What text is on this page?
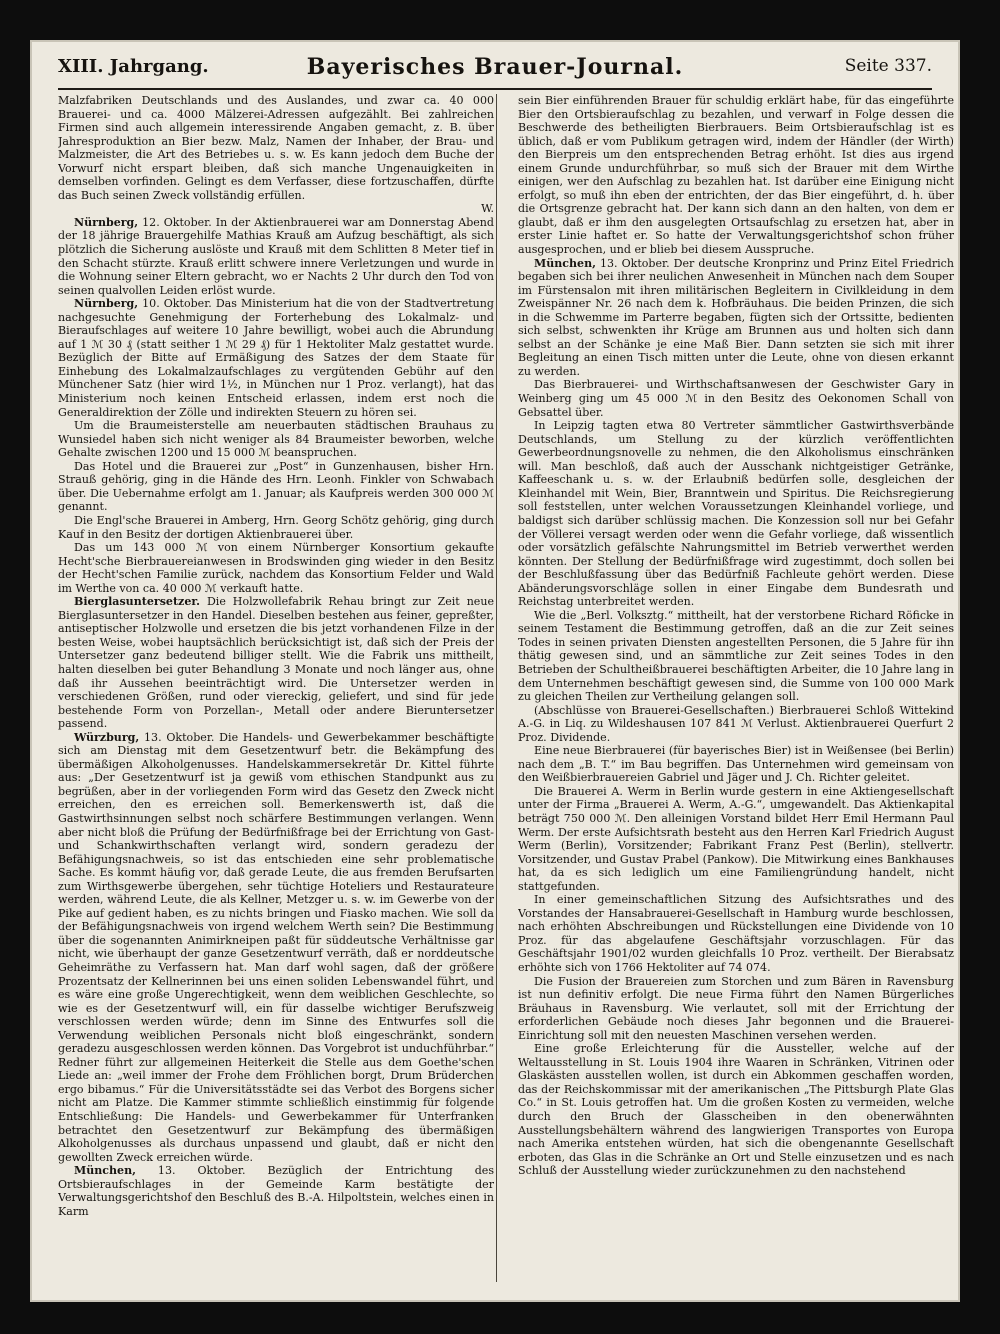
XIII. Jahrgang.	Bayerisches Brauer-Journal.	Seite 337.

Malzfabriken Deutschlands und des Auslandes, und zwar ca. 40 000 Brauerei- und ca. 4000 Mälzerei-Adressen aufgezählt. Bei zahlreichen Firmen sind auch allgemein interessirende Angaben gemacht, z. B. über Jahresproduktion an Bier bezw. Malz, Namen der Inhaber, der Brau- und Malzmeister, die Art des Betriebes u. s. w. Es kann jedoch dem Buche der Vorwurf nicht erspart bleiben, daß sich manche Ungenauigkeiten in demselben vorfinden. Gelingt es dem Verfasser, diese fortzuschaffen, dürfte das Buch seinen Zweck vollständig erfüllen.

W.

Nürnberg, 12. Oktober. In der Aktienbrauerei war am Donnerstag Abend der 18 jährige Brauergehilfe Mathias Krauß am Aufzug beschäftigt, als sich plötzlich die Sicherung auslöste und Krauß mit dem Schlitten 8 Meter tief in den Schacht stürzte. Krauß erlitt schwere innere Verletzungen und wurde in die Wohnung seiner Eltern gebracht, wo er Nachts 2 Uhr durch den Tod von seinen qualvollen Leiden erlöst wurde.

Nürnberg, 10. Oktober. Das Ministerium hat die von der Stadtvertretung nachgesuchte Genehmigung der Forterhebung des Lokalmalz- und Bieraufschlages auf weitere 10 Jahre bewilligt, wobei auch die Abrundung auf 1 ℳ 30 ₰ (statt seither 1 ℳ 29 ₰) für 1 Hektoliter Malz gestattet wurde. Bezüglich der Bitte auf Ermäßigung des Satzes der dem Staate für Einhebung des Lokalmalzaufschlages zu vergütenden Gebühr auf den Münchener Satz (hier wird 1½, in München nur 1 Proz. verlangt), hat das Ministerium noch keinen Entscheid erlassen, indem erst noch die Generaldirektion der Zölle und indirekten Steuern zu hören sei.

Um die Braumeisterstelle am neuerbauten städtischen Brauhaus zu Wunsiedel haben sich nicht weniger als 84 Braumeister beworben, welche Gehalte zwischen 1200 und 15 000 ℳ beanspruchen.

Das Hotel und die Brauerei zur „Post“ in Gunzenhausen, bisher Hrn. Strauß gehörig, ging in die Hände des Hrn. Leonh. Finkler von Schwabach über. Die Uebernahme erfolgt am 1. Januar; als Kaufpreis werden 300 000 ℳ genannt.

Die Engl'sche Brauerei in Amberg, Hrn. Georg Schötz gehörig, ging durch Kauf in den Besitz der dortigen Aktienbrauerei über.

Das um 143 000 ℳ von einem Nürnberger Konsortium gekaufte Hecht'sche Bierbrauereianwesen in Brodswinden ging wieder in den Besitz der Hecht'schen Familie zurück, nachdem das Konsortium Felder und Wald im Werthe von ca. 40 000 ℳ verkauft hatte.

Bierglasuntersetzer. Die Holzwollefabrik Rehau bringt zur Zeit neue Bierglasuntersetzer in den Handel. Dieselben bestehen aus feiner, gepreßter, antiseptischer Holzwolle und ersetzen die bis jetzt vorhandenen Filze in der besten Weise, wobei hauptsächlich berücksichtigt ist, daß sich der Preis der Untersetzer ganz bedeutend billiger stellt. Wie die Fabrik uns mittheilt, halten dieselben bei guter Behandlung 3 Monate und noch länger aus, ohne daß ihr Aussehen beeinträchtigt wird. Die Untersetzer werden in verschiedenen Größen, rund oder viereckig, geliefert, und sind für jede bestehende Form von Porzellan-, Metall oder andere Bieruntersetzer passend.

Würzburg, 13. Oktober. Die Handels- und Gewerbekammer beschäftigte sich am Dienstag mit dem Gesetzentwurf betr. die Bekämpfung des übermäßigen Alkoholgenusses. Handelskammersekretär Dr. Kittel führte aus: „Der Gesetzentwurf ist ja gewiß vom ethischen Standpunkt aus zu begrüßen, aber in der vorliegenden Form wird das Gesetz den Zweck nicht erreichen, den es erreichen soll. Bemerkenswerth ist, daß die Gastwirthsinnungen selbst noch schärfere Bestimmungen verlangen. Wenn aber nicht bloß die Prüfung der Bedürfnißfrage bei der Errichtung von Gast- und Schankwirthschaften verlangt wird, sondern geradezu der Befähigungsnachweis, so ist das entschieden eine sehr problematische Sache. Es kommt häufig vor, daß gerade Leute, die aus fremden Berufsarten zum Wirthsgewerbe übergehen, sehr tüchtige Hoteliers und Restaurateure werden, während Leute, die als Kellner, Metzger u. s. w. im Gewerbe von der Pike auf gedient haben, es zu nichts bringen und Fiasko machen. Wie soll da der Befähigungsnachweis von irgend welchem Werth sein? Die Bestimmung über die sogenannten Animirkneipen paßt für süddeutsche Verhältnisse gar nicht, wie überhaupt der ganze Gesetzentwurf verräth, daß er norddeutsche Geheimräthe zu Verfassern hat. Man darf wohl sagen, daß der größere Prozentsatz der Kellnerinnen bei uns einen soliden Lebenswandel führt, und es wäre eine große Ungerechtigkeit, wenn dem weiblichen Geschlechte, so wie es der Gesetzentwurf will, ein für dasselbe wichtiger Berufszweig verschlossen werden würde; denn im Sinne des Entwurfes soll die Verwendung weiblichen Personals nicht bloß eingeschränkt, sondern geradezu ausgeschlossen werden können. Das Vorgebrot ist unduchführbar.“ Redner führt zur allgemeinen Heiterkeit die Stelle aus dem Goethe'schen Liede an: „weil immer der Frohe dem Fröhlichen borgt, Drum Brüderchen ergo bibamus.“ Für die Universitätsstädte sei das Verbot des Borgens sicher nicht am Platze. Die Kammer stimmte schließlich einstimmig für folgende Entschließung: Die Handels- und Gewerbekammer für Unterfranken betrachtet den Gesetzentwurf zur Bekämpfung des übermäßigen Alkoholgenusses als durchaus unpassend und glaubt, daß er nicht den gewollten Zweck erreichen würde.

München, 13. Oktober. Bezüglich der Entrichtung des Ortsbieraufschlages in der Gemeinde Karm bestätigte der Verwaltungsgerichtshof den Beschluß des B.-A. Hilpoltstein, welches einen in Karm

sein Bier einführenden Brauer für schuldig erklärt habe, für das eingeführte Bier den Ortsbieraufschlag zu bezahlen, und verwarf in Folge dessen die Beschwerde des betheiligten Bierbrauers. Beim Ortsbieraufschlag ist es üblich, daß er vom Publikum getragen wird, indem der Händler (der Wirth) den Bierpreis um den entsprechenden Betrag erhöht. Ist dies aus irgend einem Grunde undurchführbar, so muß sich der Brauer mit dem Wirthe einigen, wer den Aufschlag zu bezahlen hat. Ist darüber eine Einigung nicht erfolgt, so muß ihn eben der entrichten, der das Bier eingeführt, d. h. über die Ortsgrenze gebracht hat. Der kann sich dann an den halten, von dem er glaubt, daß er ihm den ausgelegten Ortsaufschlag zu ersetzen hat, aber in erster Linie haftet er. So hatte der Verwaltungsgerichtshof schon früher ausgesprochen, und er blieb bei diesem Ausspruche.

München, 13. Oktober. Der deutsche Kronprinz und Prinz Eitel Friedrich begaben sich bei ihrer neulichen Anwesenheit in München nach dem Souper im Fürstensalon mit ihren militärischen Begleitern in Civilkleidung in dem Zweispänner Nr. 26 nach dem k. Hofbräuhaus. Die beiden Prinzen, die sich in die Schwemme im Parterre begaben, fügten sich der Ortssitte, bedienten sich selbst, schwenkten ihr Krüge am Brunnen aus und holten sich dann selbst an der Schänke je eine Maß Bier. Dann setzten sie sich mit ihrer Begleitung an einen Tisch mitten unter die Leute, ohne von diesen erkannt zu werden.

Das Bierbrauerei- und Wirthschaftsanwesen der Geschwister Gary in Weinberg ging um 45 000 ℳ in den Besitz des Oekonomen Schall von Gebsattel über.

In Leipzig tagten etwa 80 Vertreter sämmtlicher Gastwirthsverbände Deutschlands, um Stellung zu der kürzlich veröffentlichten Gewerbeordnungsnovelle zu nehmen, die den Alkoholismus einschränken will. Man beschloß, daß auch der Ausschank nichtgeistiger Getränke, Kaffeeschank u. s. w. der Erlaubniß bedürfen solle, desgleichen der Kleinhandel mit Wein, Bier, Branntwein und Spiritus. Die Reichsregierung soll feststellen, unter welchen Voraussetzungen Kleinhandel vorliege, und baldigst sich darüber schlüssig machen. Die Konzession soll nur bei Gefahr der Völlerei versagt werden oder wenn die Gefahr vorliege, daß wissentlich oder vorsätzlich gefälschte Nahrungsmittel im Betrieb verwerthet werden könnten. Der Stellung der Bedürfnißfrage wird zugestimmt, doch sollen bei der Beschlußfassung über das Bedürfniß Fachleute gehört werden. Diese Abänderungsvorschläge sollen in einer Eingabe dem Bundesrath und Reichstag unterbreitet werden.

Wie die „Berl. Volksztg.“ mittheilt, hat der verstorbene Richard Röficke in seinem Testament die Bestimmung getroffen, daß an die zur Zeit seines Todes in seinen privaten Diensten angestellten Personen, die 5 Jahre für ihn thätig gewesen sind, und an sämmtliche zur Zeit seines Todes in den Betrieben der Schultheißbrauerei beschäftigten Arbeiter, die 10 Jahre lang in dem Unternehmen beschäftigt gewesen sind, die Summe von 100 000 Mark zu gleichen Theilen zur Vertheilung gelangen soll.

(Abschlüsse von Brauerei-Gesellschaften.) Bierbrauerei Schloß Wittekind A.-G. in Liq. zu Wildeshausen 107 841 ℳ Verlust. Aktienbrauerei Querfurt 2 Proz. Dividende.

Eine neue Bierbrauerei (für bayerisches Bier) ist in Weißensee (bei Berlin) nach dem „B. T.“ im Bau begriffen. Das Unternehmen wird gemeinsam von den Weißbierbrauereien Gabriel und Jäger und J. Ch. Richter geleitet.

Die Brauerei A. Werm in Berlin wurde gestern in eine Aktiengesellschaft unter der Firma „Brauerei A. Werm, A.-G.“, umgewandelt. Das Aktienkapital beträgt 750 000 ℳ. Den alleinigen Vorstand bildet Herr Emil Hermann Paul Werm. Der erste Aufsichtsrath besteht aus den Herren Karl Friedrich August Werm (Berlin), Vorsitzender; Fabrikant Franz Pest (Berlin), stellvertr. Vorsitzender, und Gustav Prabel (Pankow). Die Mitwirkung eines Bankhauses hat, da es sich lediglich um eine Familiengründung handelt, nicht stattgefunden.

In einer gemeinschaftlichen Sitzung des Aufsichtsrathes und des Vorstandes der Hansabrauerei-Gesellschaft in Hamburg wurde beschlossen, nach erhöhten Abschreibungen und Rückstellungen eine Dividende von 10 Proz. für das abgelaufene Geschäftsjahr vorzuschlagen. Für das Geschäftsjahr 1901/02 wurden gleichfalls 10 Proz. vertheilt. Der Bierabsatz erhöhte sich von 1766 Hektoliter auf 74 074.

Die Fusion der Brauereien zum Storchen und zum Bären in Ravensburg ist nun definitiv erfolgt. Die neue Firma führt den Namen Bürgerliches Bräuhaus in Ravensburg. Wie verlautet, soll mit der Errichtung der erforderlichen Gebäude noch dieses Jahr begonnen und die Brauerei-Einrichtung soll mit den neuesten Maschinen versehen werden.

Eine große Erleichterung für die Aussteller, welche auf der Weltausstellung in St. Louis 1904 ihre Waaren in Schränken, Vitrinen oder Glaskästen ausstellen wollen, ist durch ein Abkommen geschaffen worden, das der Reichskommissar mit der amerikanischen „The Pittsburgh Plate Glas Co.“ in St. Louis getroffen hat. Um die großen Kosten zu vermeiden, welche durch den Bruch der Glasscheiben in den obenerwähnten Ausstellungsbehältern während des langwierigen Transportes von Europa nach Amerika entstehen würden, hat sich die obengenannte Gesellschaft erboten, das Glas in die Schränke an Ort und Stelle einzusetzen und es nach Schluß der Ausstellung wieder zurückzunehmen zu den nachstehend
